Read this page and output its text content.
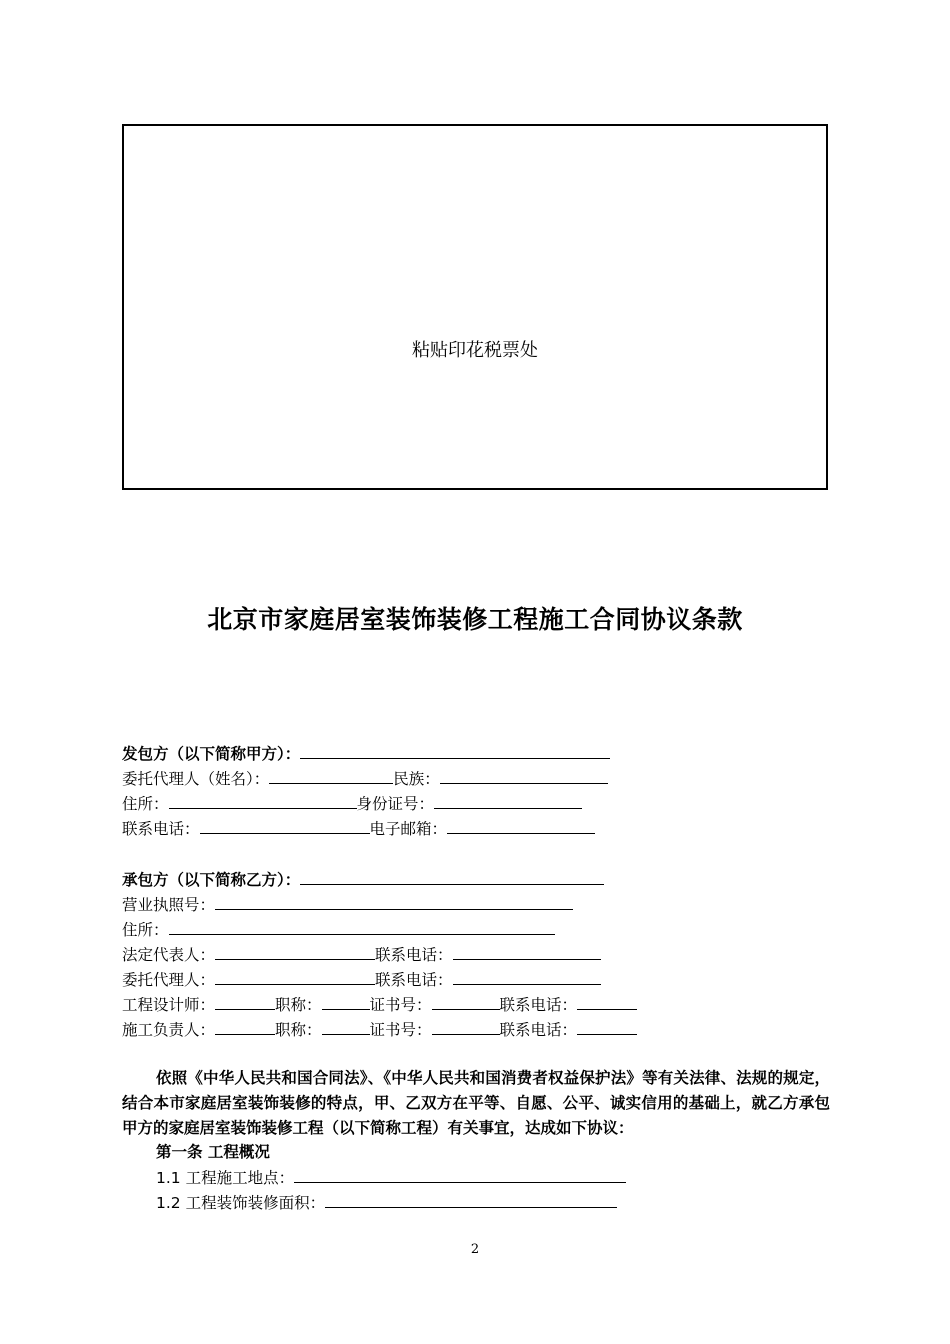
粘贴印花税票处
北京市家庭居室装饰装修工程施工合同协议条款
发包方（以下简称甲方）：
委托代理人（姓名）：	民族：
住所：	身份证号：
联系电话：	电子邮箱：
承包方（以下简称乙方）：
营业执照号：
住所：
法定代表人：	联系电话：
委托代理人：	联系电话：
工程设计师：	职称：	证书号：	联系电话：
施工负责人：	职称：	证书号：	联系电话：
依照《中华人民共和国合同法》、《中华人民共和国消费者权益保护法》等有关法律、法规的规定，结合本市家庭居室装饰装修的特点，甲、乙双方在平等、自愿、公平、诚实信用的基础上，就乙方承包甲方的家庭居室装饰装修工程（以下简称工程）有关事宜，达成如下协议：
第一条 工程概况
1.1 工程施工地点：
1.2 工程装饰装修面积：
2
